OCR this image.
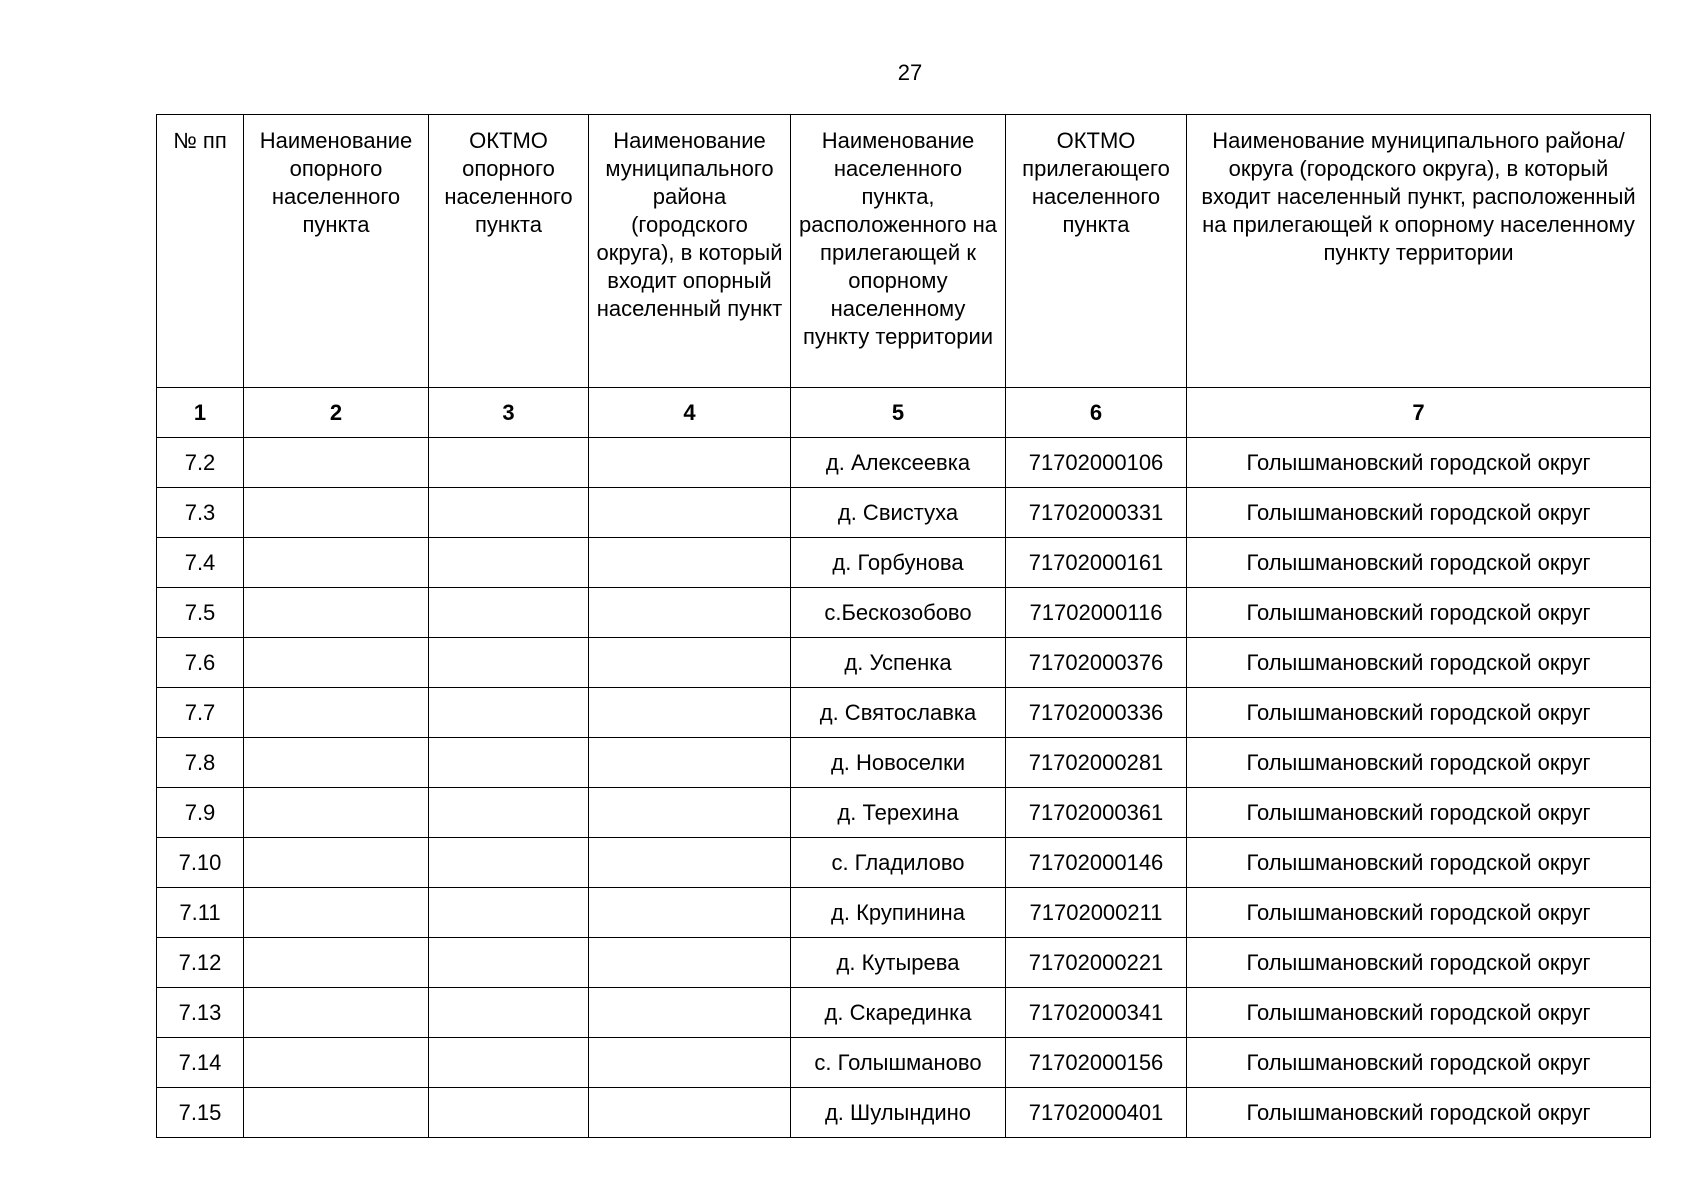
27
№ пп	Наименование опорного населенного пункта	ОКТМО опорного населенного пункта	Наименование муниципального района (городского округа), в который входит опорный населенный пункт	Наименование населенного пункта, расположенного на прилегающей к опорному населенному пункту территории	ОКТМО прилегающего населенного пункта	Наименование муниципального района/округа (городского округа), в который входит населенный пункт, расположенный на прилегающей к опорному населенному пункту территории
1	2	3	4	5	6	7
7.2				д. Алексеевка	71702000106	Голышмановский городской округ
7.3				д. Свистуха	71702000331	Голышмановский городской округ
7.4				д. Горбунова	71702000161	Голышмановский городской округ
7.5				с.Бескозобово	71702000116	Голышмановский городской округ
7.6				д. Успенка	71702000376	Голышмановский городской округ
7.7				д. Святославка	71702000336	Голышмановский городской округ
7.8				д. Новоселки	71702000281	Голышмановский городской округ
7.9				д. Терехина	71702000361	Голышмановский городской округ
7.10				с. Гладилово	71702000146	Голышмановский городской округ
7.11				д. Крупинина	71702000211	Голышмановский городской округ
7.12				д. Кутырева	71702000221	Голышмановский городской округ
7.13				д. Скарединка	71702000341	Голышмановский городской округ
7.14				с. Голышманово	71702000156	Голышмановский городской округ
7.15				д. Шулындино	71702000401	Голышмановский городской округ
